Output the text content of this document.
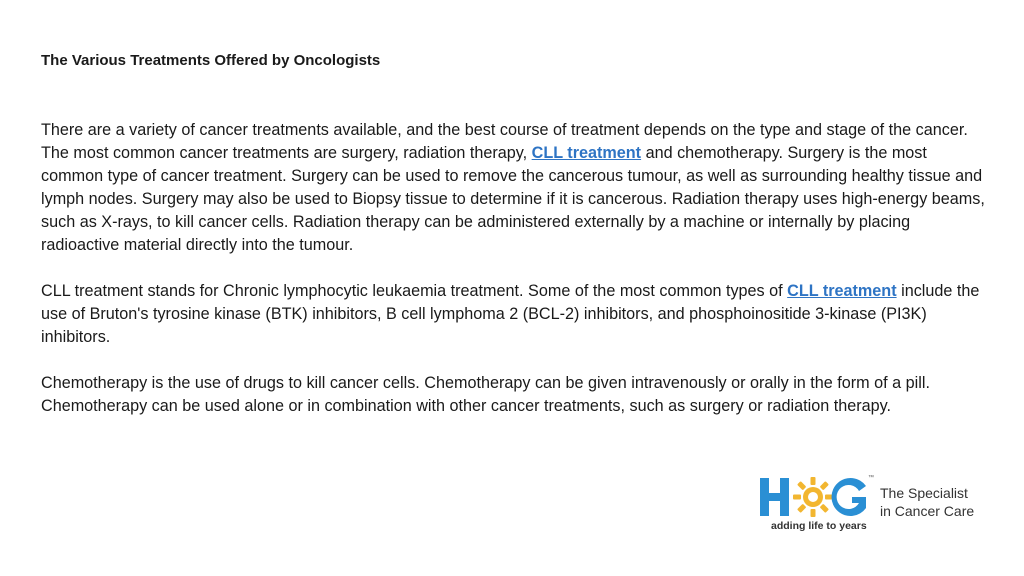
The Various Treatments Offered by Oncologists

There are a variety of cancer treatments available, and the best course of treatment depends on the type and stage of the cancer. The most common cancer treatments are surgery, radiation therapy, CLL treatment and chemotherapy. Surgery is the most common type of cancer treatment. Surgery can be used to remove the cancerous tumour, as well as surrounding healthy tissue and lymph nodes. Surgery may also be used to Biopsy tissue to determine if it is cancerous. Radiation therapy uses high-energy beams, such as X-rays, to kill cancer cells. Radiation therapy can be administered externally by a machine or internally by placing radioactive material directly into the tumour.

CLL treatment stands for Chronic lymphocytic leukaemia treatment. Some of the most common types of CLL treatment include the use of Bruton's tyrosine kinase (BTK) inhibitors, B cell lymphoma 2 (BCL-2) inhibitors, and phosphoinositide 3-kinase (PI3K) inhibitors.

Chemotherapy is the use of drugs to kill cancer cells. Chemotherapy can be given intravenously or orally in the form of a pill. Chemotherapy can be used alone or in combination with other cancer treatments, such as surgery or radiation therapy.

™
The Specialist
in Cancer Care
adding life to years
